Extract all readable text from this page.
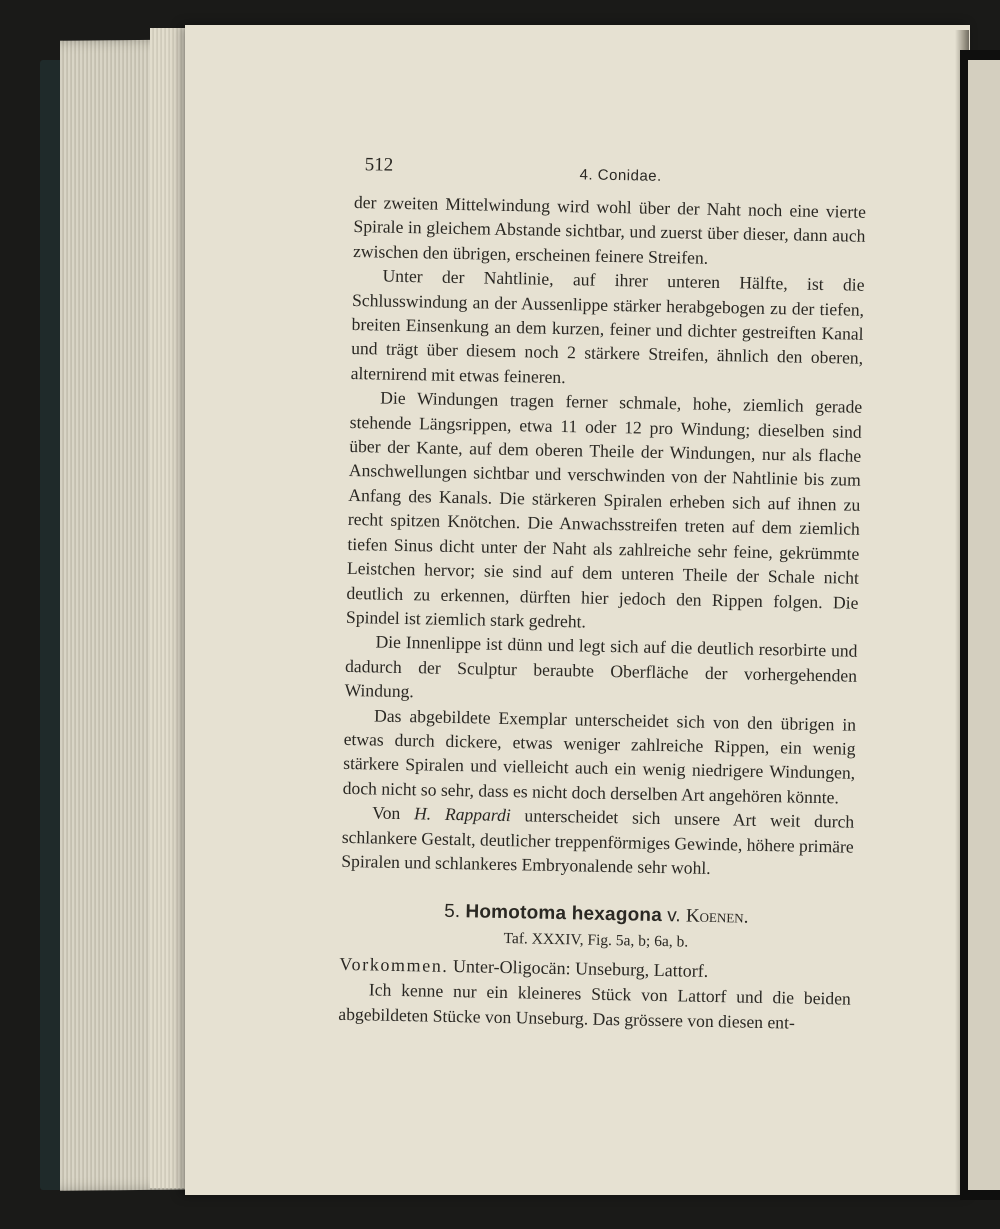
512	4. Conidae.

der zweiten Mittelwindung wird wohl über der Naht noch eine vierte Spirale in gleichem Abstande sichtbar, und zuerst über dieser, dann auch zwischen den übrigen, erscheinen feinere Streifen.

Unter der Nahtlinie, auf ihrer unteren Hälfte, ist die Schlusswindung an der Aussenlippe stärker herabgebogen zu der tiefen, breiten Einsenkung an dem kurzen, feiner und dichter gestreiften Kanal und trägt über diesem noch 2 stärkere Streifen, ähnlich den oberen, alternirend mit etwas feineren.

Die Windungen tragen ferner schmale, hohe, ziemlich gerade stehende Längsrippen, etwa 11 oder 12 pro Windung; dieselben sind über der Kante, auf dem oberen Theile der Windungen, nur als flache Anschwellungen sichtbar und verschwinden von der Nahtlinie bis zum Anfang des Kanals. Die stärkeren Spiralen erheben sich auf ihnen zu recht spitzen Knötchen. Die Anwachsstreifen treten auf dem ziemlich tiefen Sinus dicht unter der Naht als zahlreiche sehr feine, gekrümmte Leistchen hervor; sie sind auf dem unteren Theile der Schale nicht deutlich zu erkennen, dürften hier jedoch den Rippen folgen. Die Spindel ist ziemlich stark gedreht.

Die Innenlippe ist dünn und legt sich auf die deutlich resorbirte und dadurch der Sculptur beraubte Oberfläche der vorhergehenden Windung.

Das abgebildete Exemplar unterscheidet sich von den übrigen in etwas durch dickere, etwas weniger zahlreiche Rippen, ein wenig stärkere Spiralen und vielleicht auch ein wenig niedrigere Windungen, doch nicht so sehr, dass es nicht doch derselben Art angehören könnte.

Von H. Rappardi unterscheidet sich unsere Art weit durch schlankere Gestalt, deutlicher treppenförmiges Gewinde, höhere primäre Spiralen und schlankeres Embryonalende sehr wohl.

5. Homotoma hexagona v. Koenen.
Taf. XXXIV, Fig. 5a, b; 6a, b.

Vorkommen. Unter-Oligocän: Unseburg, Lattorf.

Ich kenne nur ein kleineres Stück von Lattorf und die beiden abgebildeten Stücke von Unseburg. Das grössere von diesen ent-
